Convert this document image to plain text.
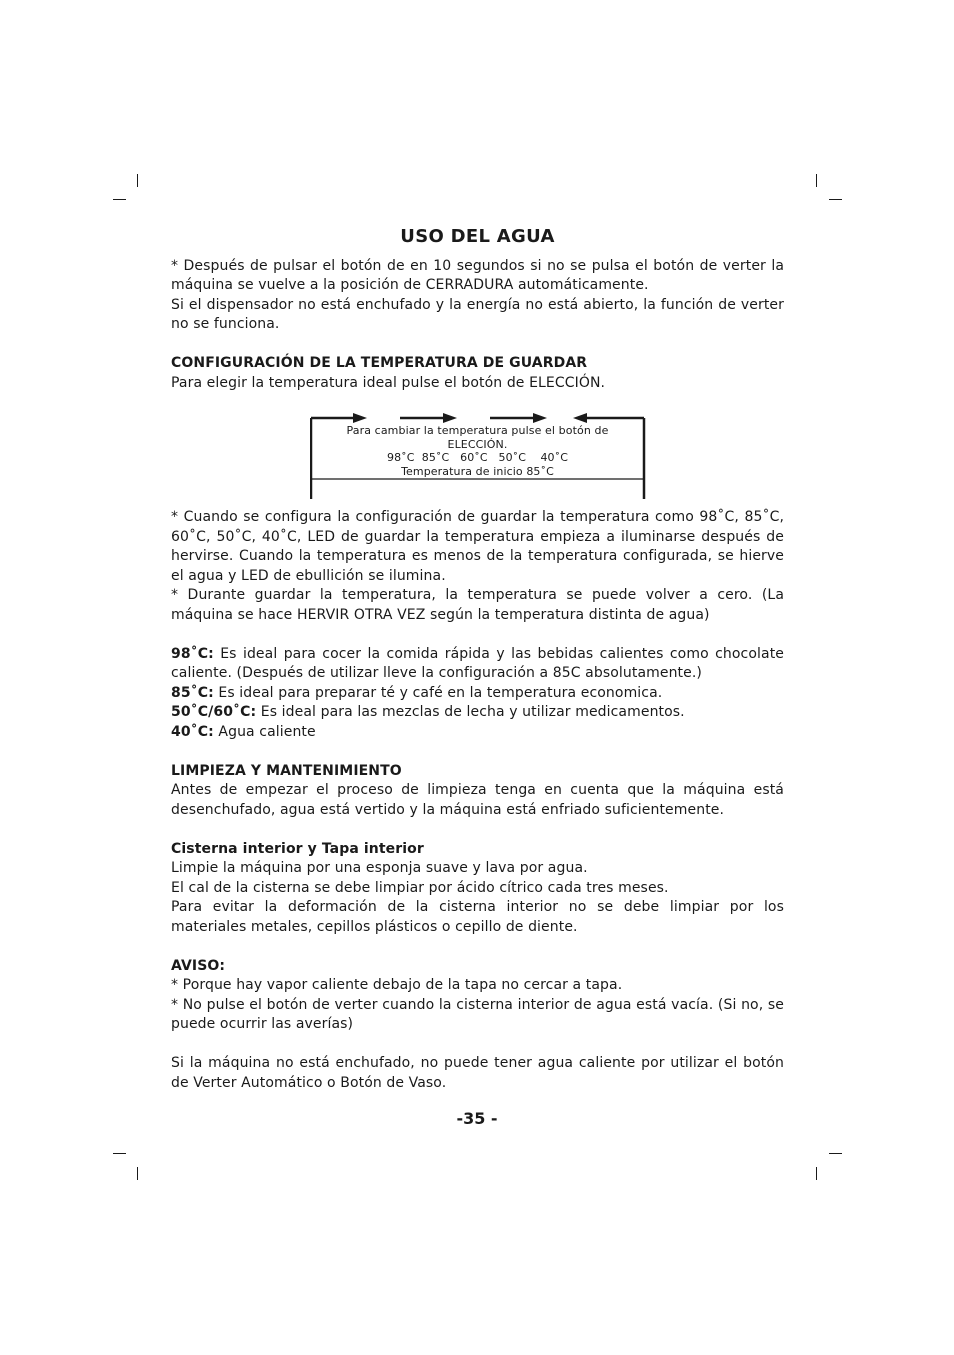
USO DEL AGUA

* Después de pulsar el botón de en 10 segundos si no se pulsa el botón de verter la máquina se vuelve a la posición de CERRADURA automáticamente.

Si el dispensador no está enchufado y la energía no está abierto, la función de verter no se funciona.

CONFIGURACIÓN DE LA TEMPERATURA DE GUARDAR

Para elegir la temperatura ideal pulse el botón de ELECCIÓN.

Para cambiar la temperatura pulse el botón de ELECCIÓN.
98˚C  85˚C   60˚C   50˚C    40˚C
Temperatura de inicio 85˚C

* Cuando se configura la configuración de guardar la temperatura como 98˚C, 85˚C, 60˚C, 50˚C, 40˚C, LED de guardar la temperatura empieza a iluminarse después de hervirse. Cuando la temperatura es menos de la temperatura configurada, se hierve el agua y LED de ebullición se ilumina.

* Durante guardar la temperatura, la temperatura se puede volver a cero. (La máquina se hace HERVIR OTRA VEZ según la temperatura distinta de agua)

98˚C: Es ideal para cocer la comida rápida y las bebidas calientes como chocolate caliente. (Después de utilizar lleve la configuración a 85C absolutamente.)

85˚C: Es ideal para preparar té y café en la temperatura economica.

50˚C/60˚C: Es ideal para las mezclas de lecha y utilizar medicamentos.

40˚C: Agua caliente

LIMPIEZA Y MANTENIMIENTO

Antes de empezar el proceso de limpieza tenga en cuenta que la máquina está desenchufado, agua está vertido y la máquina está enfriado suficientemente.

Cisterna interior y Tapa interior

Limpie la máquina por una esponja suave y lava por agua.

El cal de la cisterna se debe limpiar por ácido cítrico cada tres meses.

Para evitar la deformación de la cisterna interior no se debe limpiar por los materiales metales, cepillos plásticos o cepillo de diente.

AVISO:

* Porque hay vapor caliente debajo de la tapa no cercar a tapa.

* No pulse el botón de verter cuando la cisterna interior de agua está vacía. (Si no, se puede ocurrir las averías)

Si la máquina no está enchufado, no puede tener agua caliente por utilizar el botón de Verter Automático o Botón de Vaso.

-35 -
